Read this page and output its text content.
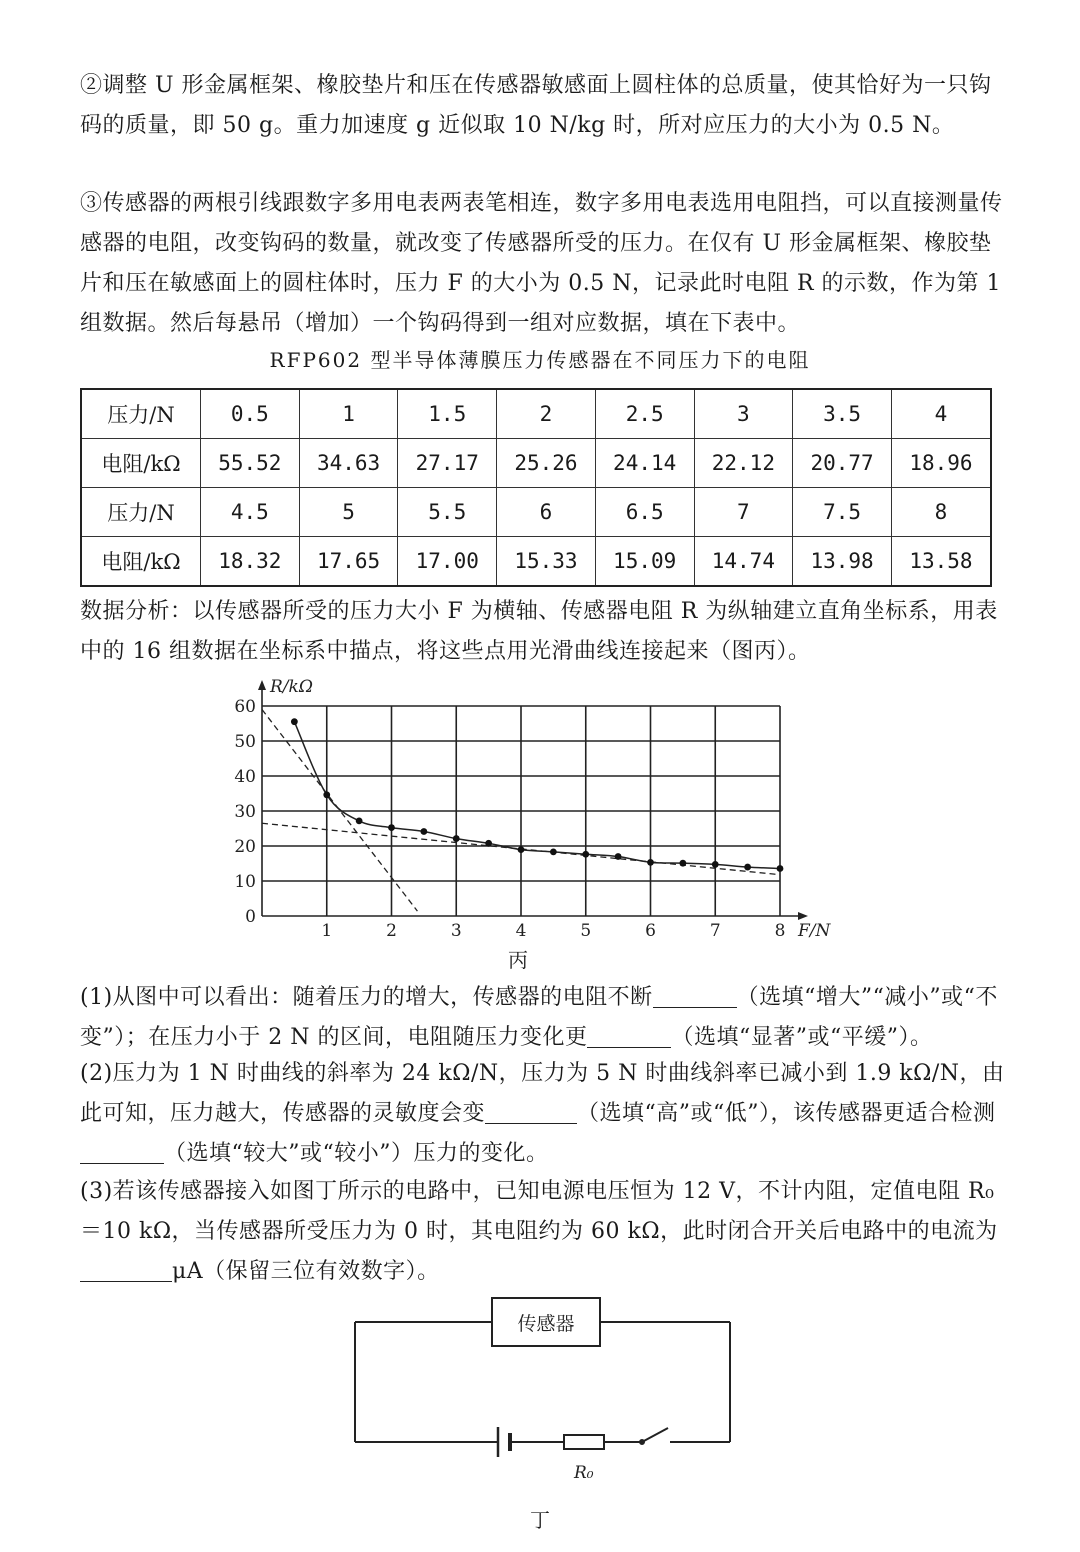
②调整 U 形金属框架、橡胶垫片和压在传感器敏感面上圆柱体的总质量，使其恰好为一只钩码的质量，即 50 g。重力加速度 g 近似取 10 N/kg 时，所对应压力的大小为 0.5 N。
③传感器的两根引线跟数字多用电表两表笔相连，数字多用电表选用电阻挡，可以直接测量传感器的电阻，改变钩码的数量，就改变了传感器所受的压力。在仅有 U 形金属框架、橡胶垫片和压在敏感面上的圆柱体时，压力 F 的大小为 0.5 N，记录此时电阻 R 的示数，作为第 1 组数据。然后每悬吊（增加）一个钩码得到一组对应数据，填在下表中。
RFP602 型半导体薄膜压力传感器在不同压力下的电阻
压力/N	0.5	1	1.5	2	2.5	3	3.5	4
电阻/kΩ	55.52	34.63	27.17	25.26	24.14	22.12	20.77	18.96
压力/N	4.5	5	5.5	6	6.5	7	7.5	8
电阻/kΩ	18.32	17.65	17.00	15.33	15.09	14.74	13.98	13.58
数据分析：以传感器所受的压力大小 F 为横轴、传感器电阻 R 为纵轴建立直角坐标系，用表中的 16 组数据在坐标系中描点，将这些点用光滑曲线连接起来（图丙）。
1	2	3	4	5	6	7	8
0
10
20
30
40
50
60
F/N
R/kΩ
丙
(1)从图中可以看出：随着压力的增大，传感器的电阻不断	（选填“增大”“减小”或“不变”）；在压力小于 2 N 的区间，电阻随压力变化更	（选填“显著”或“平缓”）。
(2)压力为 1 N 时曲线的斜率为 24 kΩ/N，压力为 5 N 时曲线斜率已减小到 1.9 kΩ/N，由此可知，压力越大，传感器的灵敏度会变	（选填“高”或“低”），该传感器更适合检测（选填“较大”或“较小”）压力的变化。
(3)若该传感器接入如图丁所示的电路中，已知电源电压恒为 12 V，不计内阻，定值电阻 R₀＝10 kΩ，当传感器所受压力为 0 时，其电阻约为 60 kΩ，此时闭合开关后电路中的电流为μA（保留三位有效数字）。
传感器
R₀
丁
